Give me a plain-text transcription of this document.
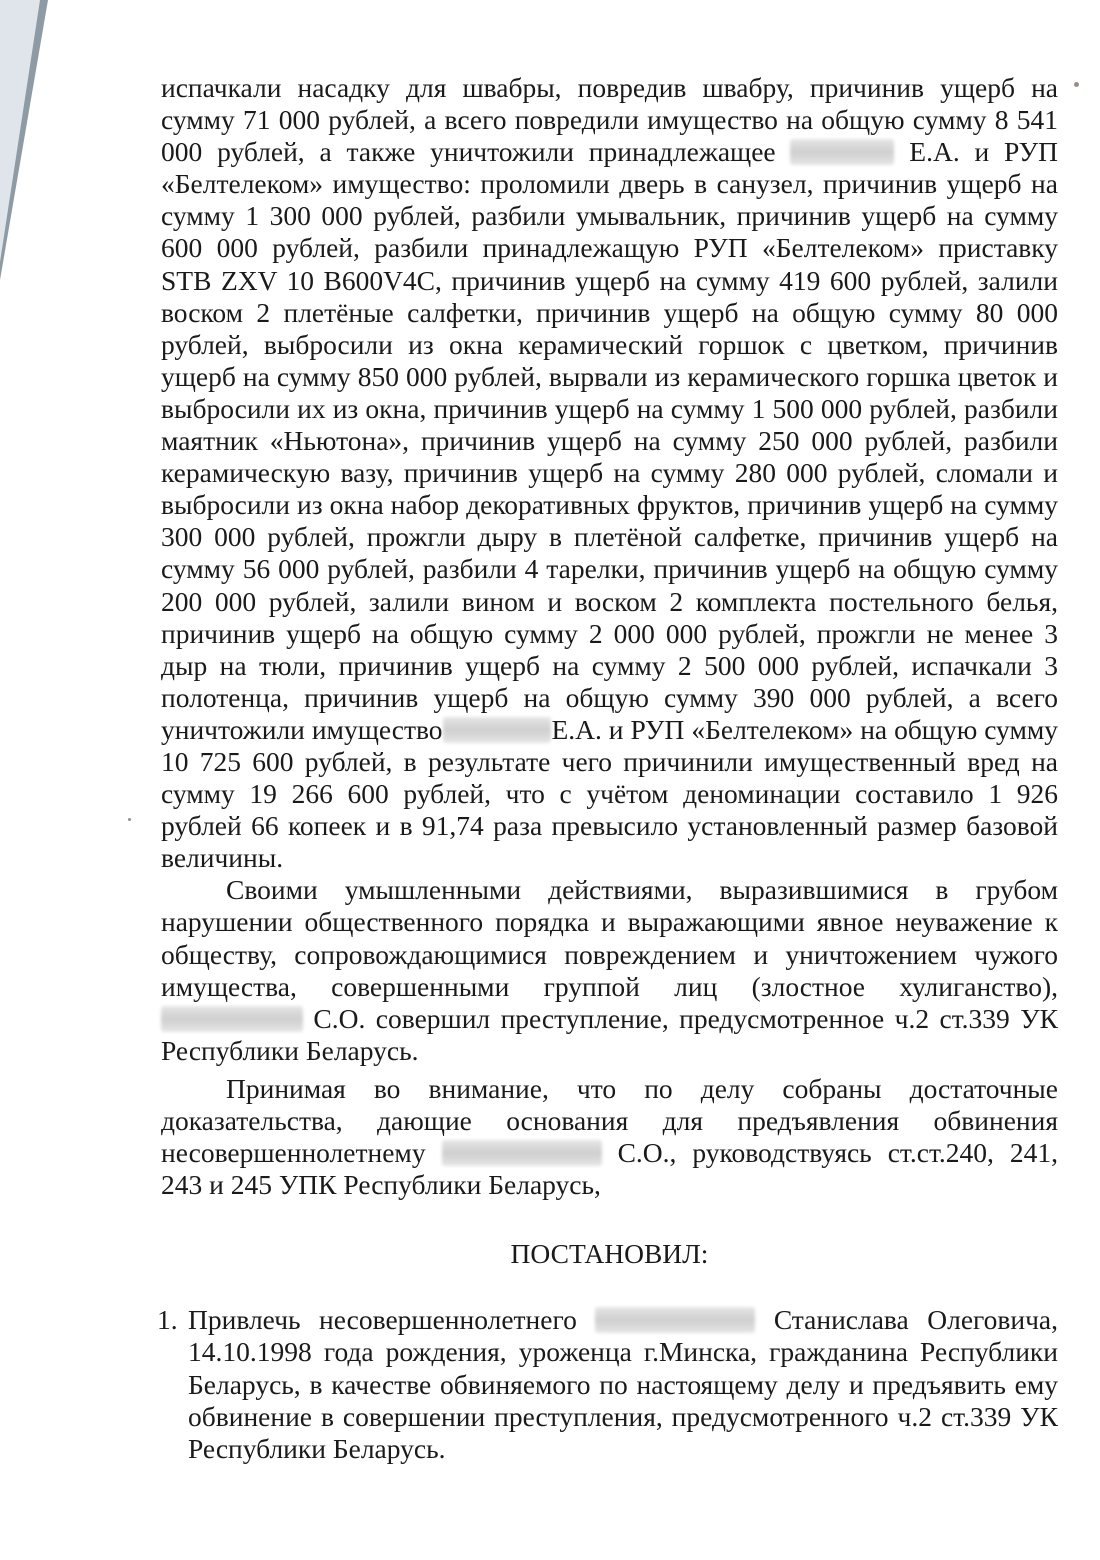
испачкали насадку для швабры, повредив швабру, причинив ущерб на сумму 71 000 рублей, а всего повредили имущество на общую сумму 8 541 000 рублей, а также уничтожили принадлежащее	Е.А. и РУП «Белтелеком» имущество: проломили дверь в санузел, причинив ущерб на сумму 1 300 000 рублей, разбили умывальник, причинив ущерб на сумму 600 000 рублей, разбили принадлежащую РУП «Белтелеком» приставку STB ZXV 10 B600V4C, причинив ущерб на сумму 419 600 рублей, залили воском 2 плетёные салфетки, причинив ущерб на общую сумму 80 000 рублей, выбросили из окна керамический горшок с цветком, причинив ущерб на сумму 850 000 рублей, вырвали из керамического горшка цветок и выбросили их из окна, причинив ущерб на сумму 1 500 000 рублей, разбили маятник «Ньютона», причинив ущерб на сумму 250 000 рублей, разбили керамическую вазу, причинив ущерб на сумму 280 000 рублей, сломали и выбросили из окна набор декоративных фруктов, причинив ущерб на сумму 300 000 рублей, прожгли дыру в плетёной салфетке, причинив ущерб на сумму 56 000 рублей, разбили 4 тарелки, причинив ущерб на общую сумму 200 000 рублей, залили вином и воском 2 комплекта постельного белья, причинив ущерб на общую сумму 2 000 000 рублей, прожгли не менее 3 дыр на тюли, причинив ущерб на сумму 2 500 000 рублей, испачкали 3 полотенца, причинив ущерб на общую сумму 390 000 рублей, а всего уничтожили имущество	Е.А. и РУП «Белтелеком» на общую сумму 10 725 600 рублей, в результате чего причинили имущественный вред на сумму 19 266 600 рублей, что с учётом деноминации составило 1 926 рублей 66 копеек и в 91,74 раза превысило установленный размер базовой величины.

Своими умышленными действиями, выразившимися в грубом нарушении общественного порядка и выражающими явное неуважение к обществу, сопровождающимися повреждением и уничтожением чужого имущества, совершенными группой лиц (злостное хулиганство),  С.О. совершил преступление, предусмотренное ч.2 ст.339 УК Республики Беларусь.

Принимая во внимание, что по делу собраны достаточные доказательства, дающие основания для предъявления обвинения несовершеннолетнему	С.О., руководствуясь ст.ст.240, 241, 243 и 245 УПК Республики Беларусь,

ПОСТАНОВИЛ:
1. Привлечь несовершеннолетнего	Станислава Олеговича, 14.10.1998 года рождения, уроженца г.Минска, гражданина Республики Беларусь, в качестве обвиняемого по настоящему делу и предъявить ему обвинение в совершении преступления, предусмотренного ч.2 ст.339 УК Республики Беларусь.
